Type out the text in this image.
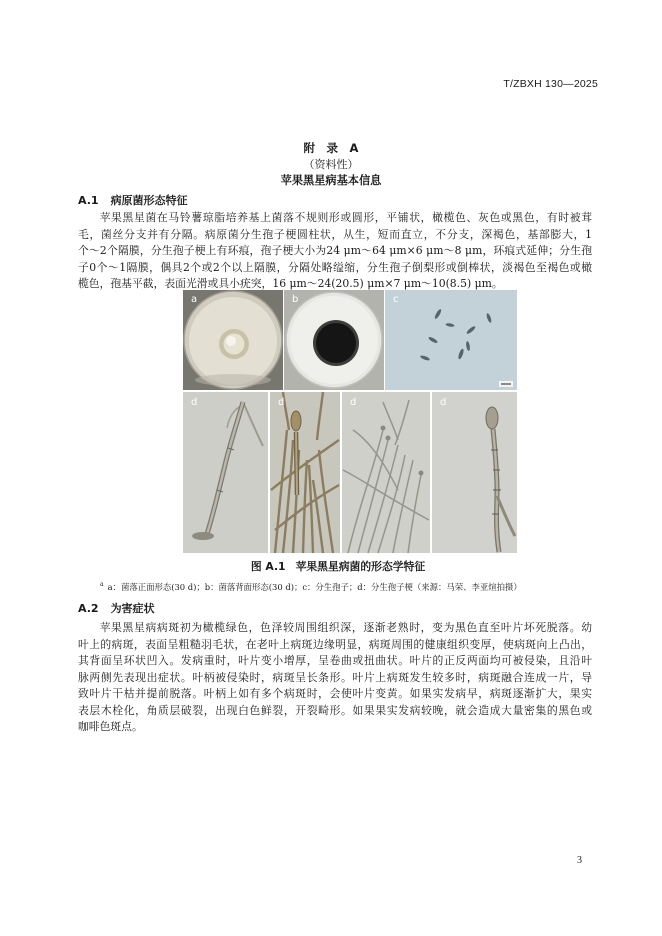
T/ZBXH 130—2025
附　录　A
（资料性）
苹果黑星病基本信息
A.1 病原菌形态特征
苹果黑星菌在马铃薯琼脂培养基上菌落不规则形或圆形，平铺状，橄榄色、灰色或黑色，有时被茸
毛，菌丝分支并有分隔。病原菌分生孢子梗圆柱状，从生，短而直立，不分支，深褐色，基部膨大，1
个～2个隔膜，分生孢子梗上有环痕，孢子梗大小为24 μm～64 μm×6 μm～8 μm，环痕式延伸；分生孢
子0个～1隔膜，偶具2个或2个以上隔膜，分隔处略缢缩，分生孢子倒梨形或倒棒状，淡褐色至褐色或橄
榄色，孢基平截，表面光滑或具小疣突，16 μm～24(20.5) μm×7 μm～10(8.5) μm。
a	b	c
d	d	d	d
图 A.1 苹果黑星病菌的形态学特征
$^a$ a：菌落正面形态(30 d)；b：菌落背面形态(30 d)；c：分生孢子；d：分生孢子梗（来源：马荣、李亚煊拍摄）
A.2 为害症状
苹果黑星病病斑初为橄榄绿色，色泽较周围组织深，逐渐老熟时，变为黑色直至叶片坏死脱落。幼
叶上的病斑，表面呈粗糙羽毛状，在老叶上病斑边缘明显，病斑周围的健康组织变厚，使病斑向上凸出，
其背面呈环状凹入。发病重时，叶片变小增厚，呈卷曲或扭曲状。叶片的正反两面均可被侵染，且沿叶
脉两侧先表现出症状。叶柄被侵染时，病斑呈长条形。叶片上病斑发生较多时，病斑融合连成一片，导
致叶片干枯并提前脱落。叶柄上如有多个病斑时，会使叶片变黄。如果实发病早，病斑逐渐扩大，果实
表层木栓化，角质层破裂，出现白色鲜裂，开裂畸形。如果果实发病较晚，就会造成大量密集的黑色或
咖啡色斑点。
3
